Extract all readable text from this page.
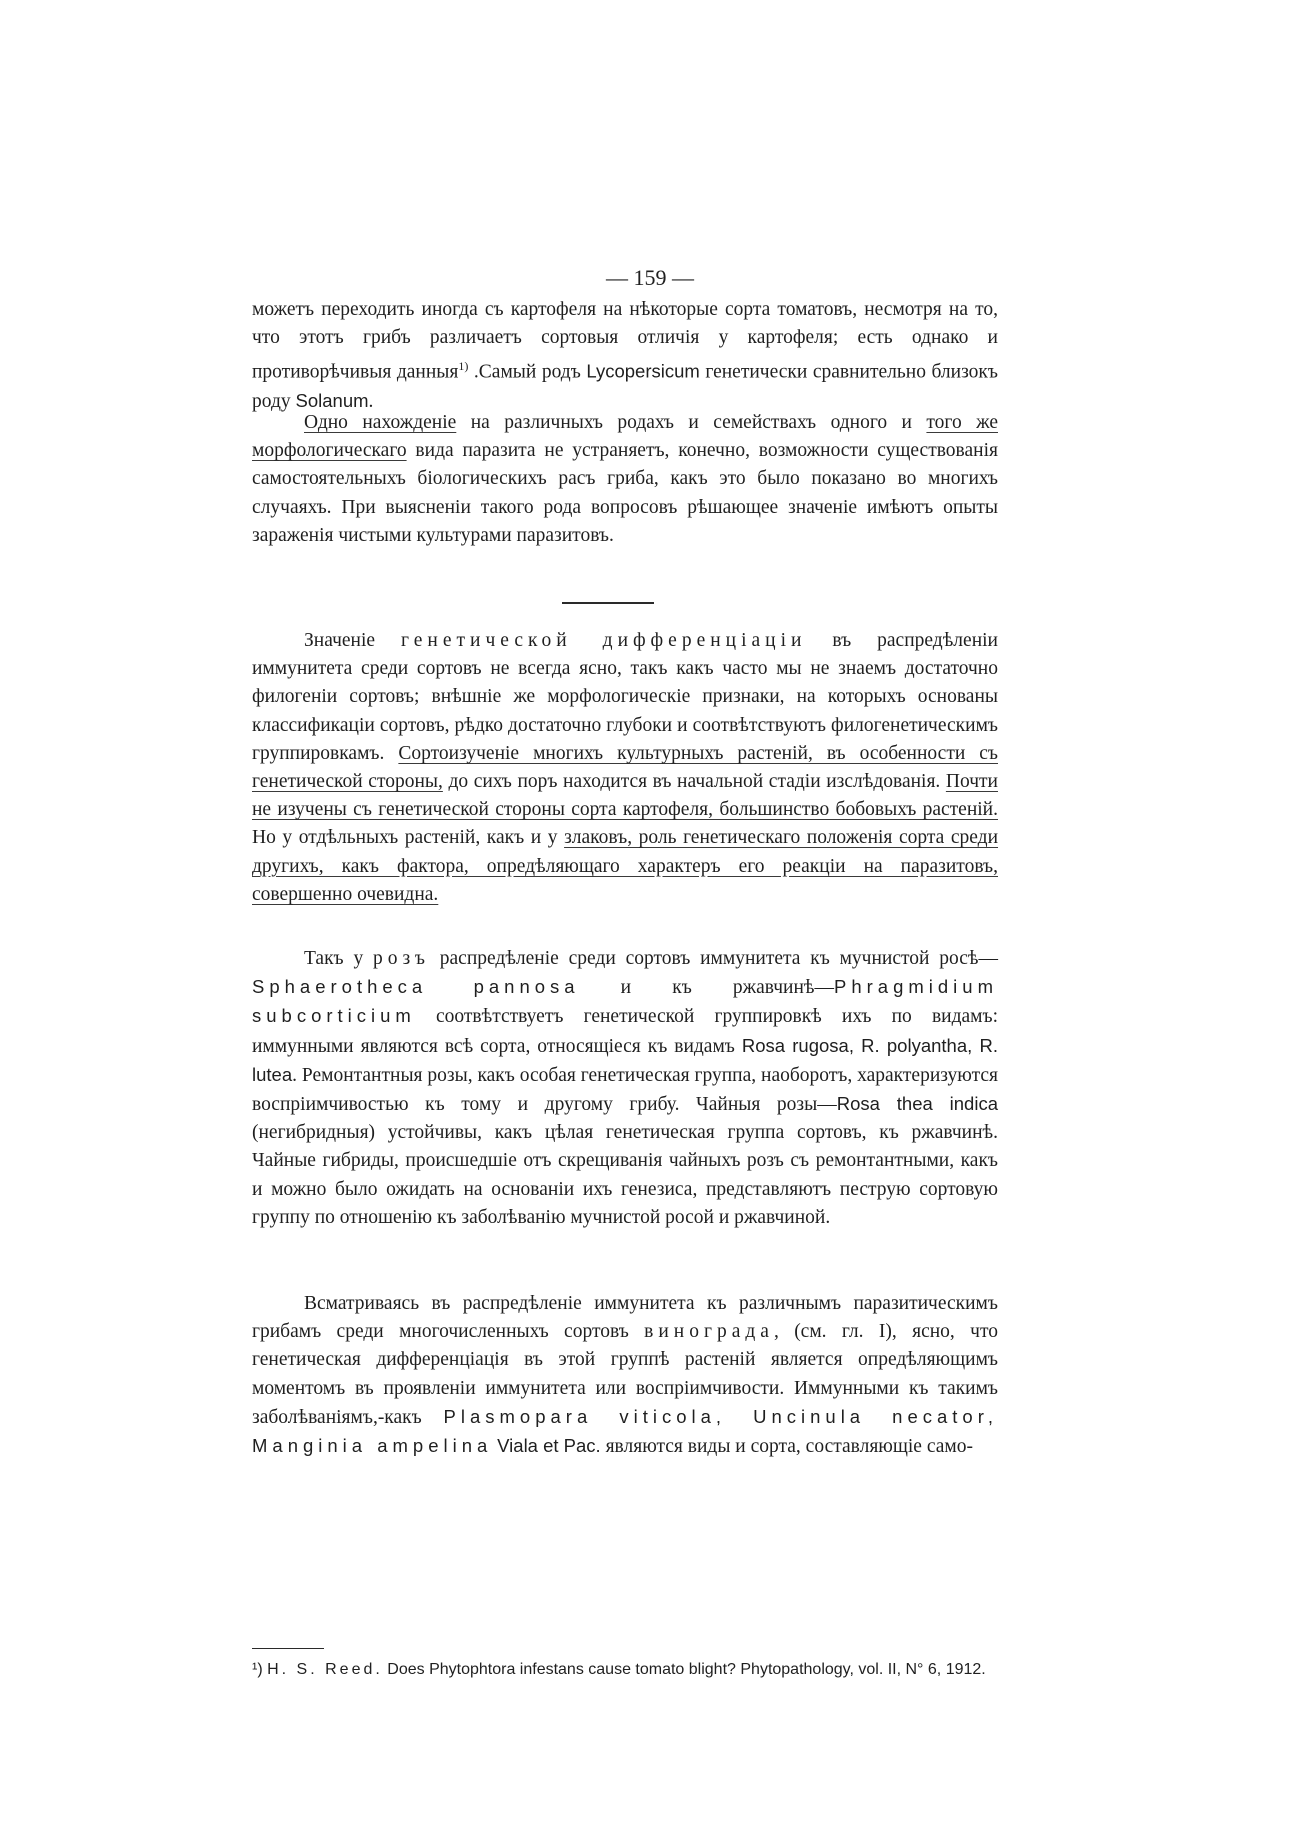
— 159 —

можетъ переходить иногда съ картофеля на нѣкоторые сорта томатовъ, несмотря на то, что этотъ грибъ различаетъ сортовыя отличія у картофеля; есть однако и противорѣчивыя данныя$^{1)}$ .Самый родъ Lycopersicum генетически сравнительно близокъ роду Solanum.

Одно нахожденіе на различныхъ родахъ и семействахъ одного и того же морфологическаго вида паразита не устраняетъ, конечно, возможности существованія самостоятельныхъ біологическихъ расъ гриба, какъ это было показано во многихъ случаяхъ. При выясненіи такого рода вопросовъ рѣшающее значеніе имѣютъ опыты зараженія чистыми культурами паразитовъ.

Значеніе генетической дифференціаціи въ распредѣленіи иммунитета среди сортовъ не всегда ясно, такъ какъ часто мы не знаемъ достаточно филогеніи сортовъ; внѣшніе же морфологическіе признаки, на которыхъ основаны классификаціи сортовъ, рѣдко достаточно глубоки и соотвѣтствуютъ филогенетическимъ группировкамъ. Сортоизученіе многихъ культурныхъ растеній, въ особенности съ генетической стороны, до сихъ поръ находится въ начальной стадіи изслѣдованія. Почти не изучены съ генетической стороны сорта картофеля, большинство бобовыхъ растеній. Но у отдѣльныхъ растеній, какъ и у злаковъ, роль генетическаго положенія сорта среди другихъ, какъ фактора, опредѣляющаго характеръ его реакціи на паразитовъ, совершенно очевидна.

Такъ у розъ распредѣленіе среди сортовъ иммунитета къ мучнистой росѣ—Sphaerotheca pannosa и къ ржавчинѣ—Phragmidium subcorticium соотвѣтствуетъ генетической группировкѣ ихъ по видамъ: иммунными являются всѣ сорта, относящіеся къ видамъ Rosa rugosa, R. polyantha, R. lutea. Ремонтантныя розы, какъ особая генетическая группа, наоборотъ, характеризуются воспріимчивостью къ тому и другому грибу. Чайныя розы—Rosa thea indica (негибридныя) устойчивы, какъ цѣлая генетическая группа сортовъ, къ ржавчинѣ. Чайные гибриды, происшедшіе отъ скрещиванія чайныхъ розъ съ ремонтантными, какъ и можно было ожидать на основаніи ихъ генезиса, представляютъ пеструю сортовую группу по отношенію къ заболѣванію мучнистой росой и ржавчиной.

Всматриваясь въ распредѣленіе иммунитета къ различнымъ паразитическимъ грибамъ среди многочисленныхъ сортовъ винограда, (см. гл. I), ясно, что генетическая дифференціація въ этой группѣ растеній является опредѣляющимъ моментомъ въ проявленіи иммунитета или воспріимчивости. Иммунными къ такимъ заболѣваніямъ,-какъ Plasmopara viticola, Uncinula necator, Manginia ampelina Viala et Pac. являются виды и сорта, составляющіе само-

¹) H. S. Reed. Does Phytophtora infestans cause tomato blight? Phytopathology, vol. II, N° 6, 1912.
